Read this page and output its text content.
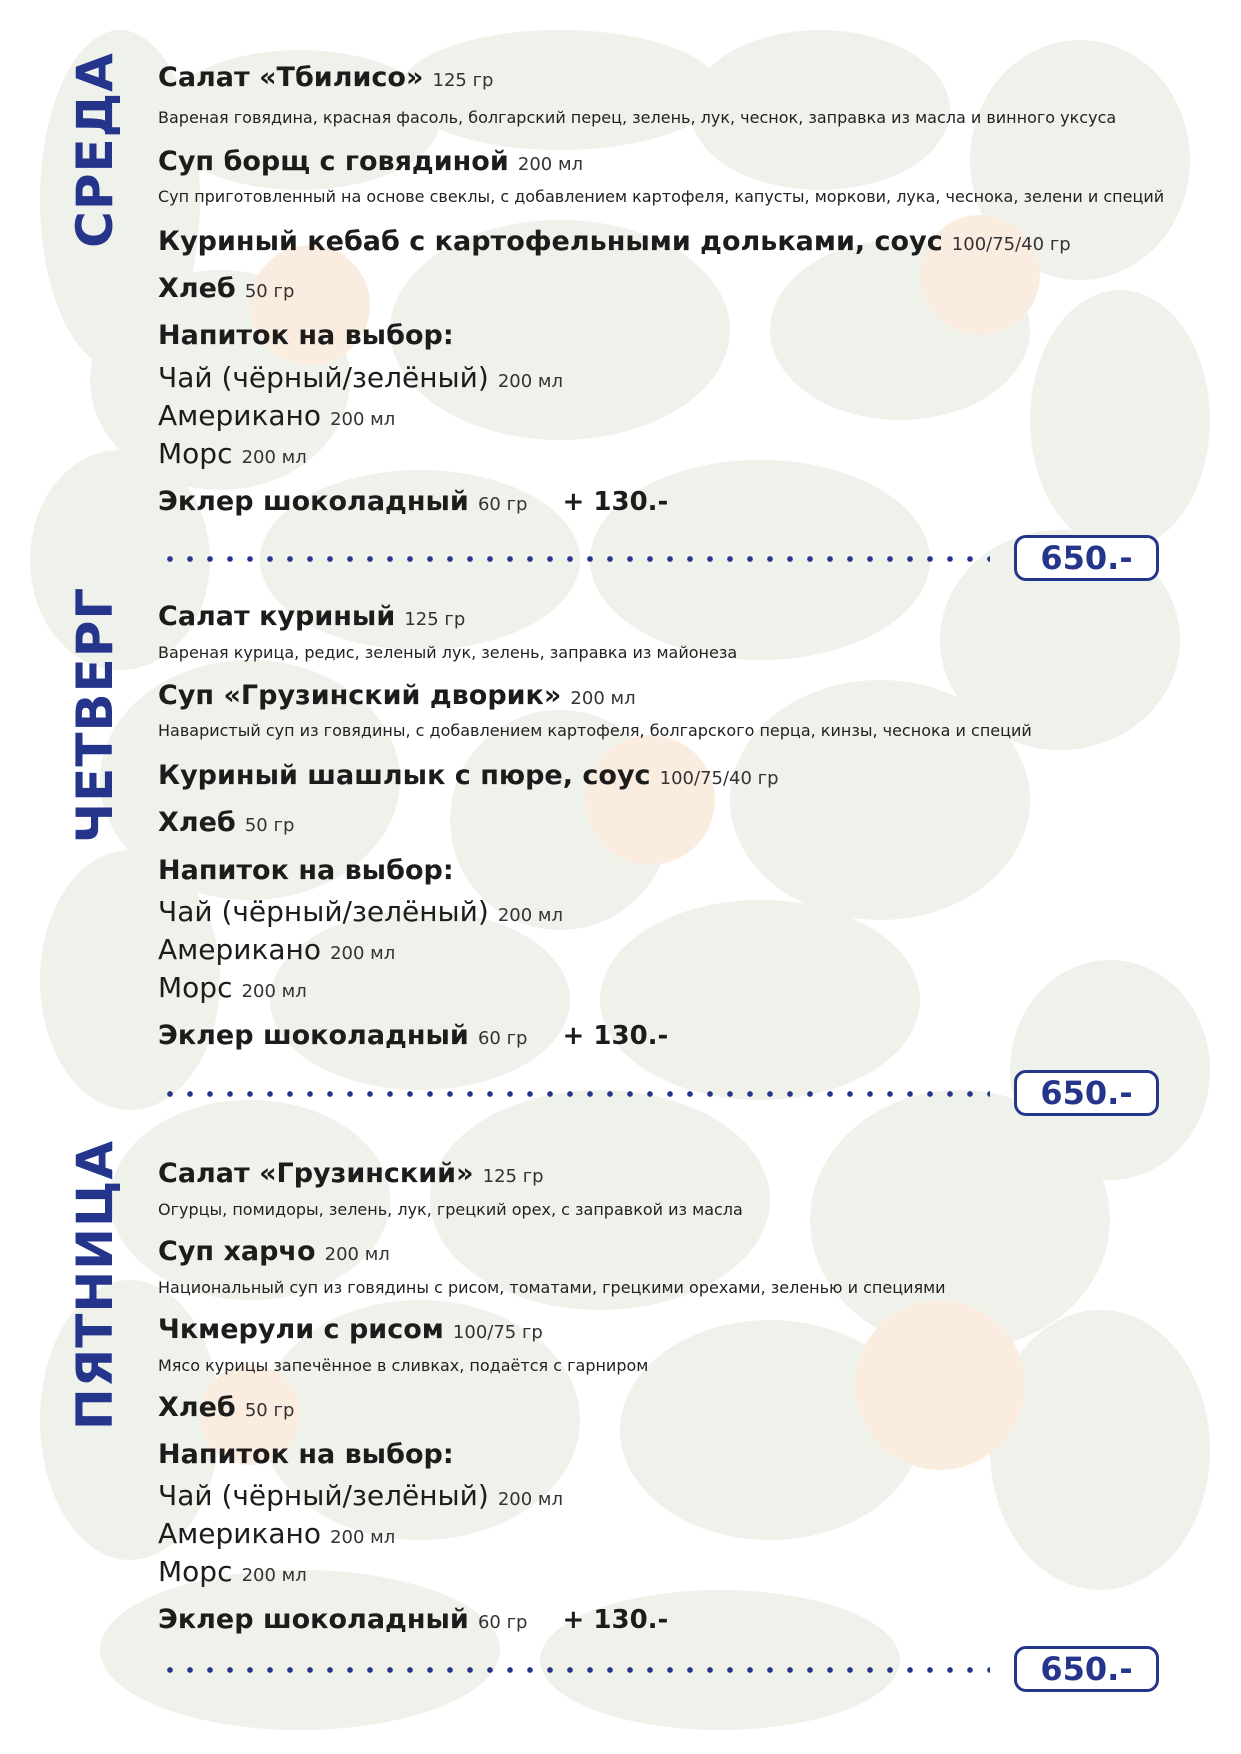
СРЕДА Салат «Тбилисо» 125 гр
Вареная говядина, красная фасоль, болгарский перец, зелень, лук, чеснок, заправка из масла и винного уксуса
Суп борщ с говядиной 200 мл
Суп приготовленный на основе свеклы, с добавлением картофеля, капусты, моркови, лука, чеснока, зелени и специй
Куриный кебаб с картофельными дольками, соус 100/75/40 гр
Хлеб 50 гр
Напиток на выбор:
Чай (чёрный/зелёный) 200 мл
Американо 200 мл
Морс 200 мл
Эклер шоколадный 60 гр + 130.-
650.-
ЧЕТВЕРГ Салат куриный 125 гр
Вареная курица, редис, зеленый лук, зелень, заправка из майонеза
Суп «Грузинский дворик» 200 мл
Наваристый суп из говядины, с добавлением картофеля, болгарского перца, кинзы, чеснока и специй
Куриный шашлык с пюре, соус 100/75/40 гр
Хлеб 50 гр
Напиток на выбор:
Чай (чёрный/зелёный) 200 мл
Американо 200 мл
Морс 200 мл
Эклер шоколадный 60 гр + 130.-
650.-
ПЯТНИЦА Салат «Грузинский» 125 гр
Огурцы, помидоры, зелень, лук, грецкий орех, с заправкой из масла
Суп харчо 200 мл
Национальный суп из говядины с рисом, томатами, грецкими орехами, зеленью и специями
Чкмерули с рисом 100/75 гр
Мясо курицы запечённое в сливках, подаётся с гарниром
Хлеб 50 гр
Напиток на выбор:
Чай (чёрный/зелёный) 200 мл
Американо 200 мл
Морс 200 мл
Эклер шоколадный 60 гр + 130.-
650.-
